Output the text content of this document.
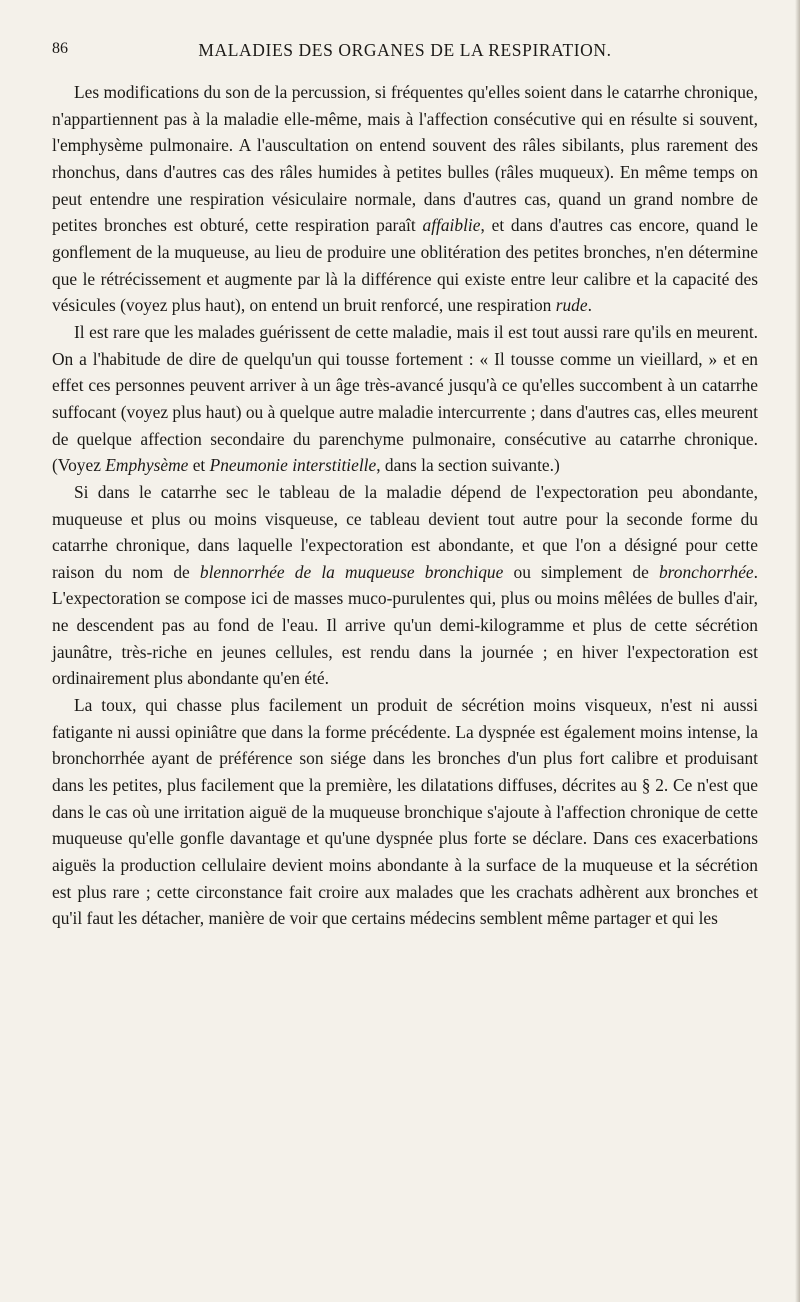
86	MALADIES DES ORGANES DE LA RESPIRATION.

Les modifications du son de la percussion, si fréquentes qu'elles soient dans le catarrhe chronique, n'appartiennent pas à la maladie elle-même, mais à l'affection consécutive qui en résulte si souvent, l'emphysème pulmonaire. A l'auscultation on entend souvent des râles sibilants, plus rarement des rhonchus, dans d'autres cas des râles humides à petites bulles (râles muqueux). En même temps on peut entendre une respiration vésiculaire normale, dans d'autres cas, quand un grand nombre de petites bronches est obturé, cette respiration paraît affaiblie, et dans d'autres cas encore, quand le gonflement de la muqueuse, au lieu de produire une oblitération des petites bronches, n'en détermine que le rétrécissement et augmente par là la différence qui existe entre leur calibre et la capacité des vésicules (voyez plus haut), on entend un bruit renforcé, une respiration rude.

Il est rare que les malades guérissent de cette maladie, mais il est tout aussi rare qu'ils en meurent. On a l'habitude de dire de quelqu'un qui tousse fortement : « Il tousse comme un vieillard, » et en effet ces personnes peuvent arriver à un âge très-avancé jusqu'à ce qu'elles succombent à un catarrhe suffocant (voyez plus haut) ou à quelque autre maladie intercurrente ; dans d'autres cas, elles meurent de quelque affection secondaire du parenchyme pulmonaire, consécutive au catarrhe chronique. (Voyez Emphysème et Pneumonie interstitielle, dans la section suivante.)

Si dans le catarrhe sec le tableau de la maladie dépend de l'expectoration peu abondante, muqueuse et plus ou moins visqueuse, ce tableau devient tout autre pour la seconde forme du catarrhe chronique, dans laquelle l'expectoration est abondante, et que l'on a désigné pour cette raison du nom de blennorrhée de la muqueuse bronchique ou simplement de bronchorrhée. L'expectoration se compose ici de masses muco-purulentes qui, plus ou moins mêlées de bulles d'air, ne descendent pas au fond de l'eau. Il arrive qu'un demi-kilogramme et plus de cette sécrétion jaunâtre, très-riche en jeunes cellules, est rendu dans la journée ; en hiver l'expectoration est ordinairement plus abondante qu'en été.

La toux, qui chasse plus facilement un produit de sécrétion moins visqueux, n'est ni aussi fatigante ni aussi opiniâtre que dans la forme précédente. La dyspnée est également moins intense, la bronchorrhée ayant de préférence son siége dans les bronches d'un plus fort calibre et produisant dans les petites, plus facilement que la première, les dilatations diffuses, décrites au § 2. Ce n'est que dans le cas où une irritation aiguë de la muqueuse bronchique s'ajoute à l'affection chronique de cette muqueuse qu'elle gonfle davantage et qu'une dyspnée plus forte se déclare. Dans ces exacerbations aiguës la production cellulaire devient moins abondante à la surface de la muqueuse et la sécrétion est plus rare ; cette circonstance fait croire aux malades que les crachats adhèrent aux bronches et qu'il faut les détacher, manière de voir que certains médecins semblent même partager et qui les
